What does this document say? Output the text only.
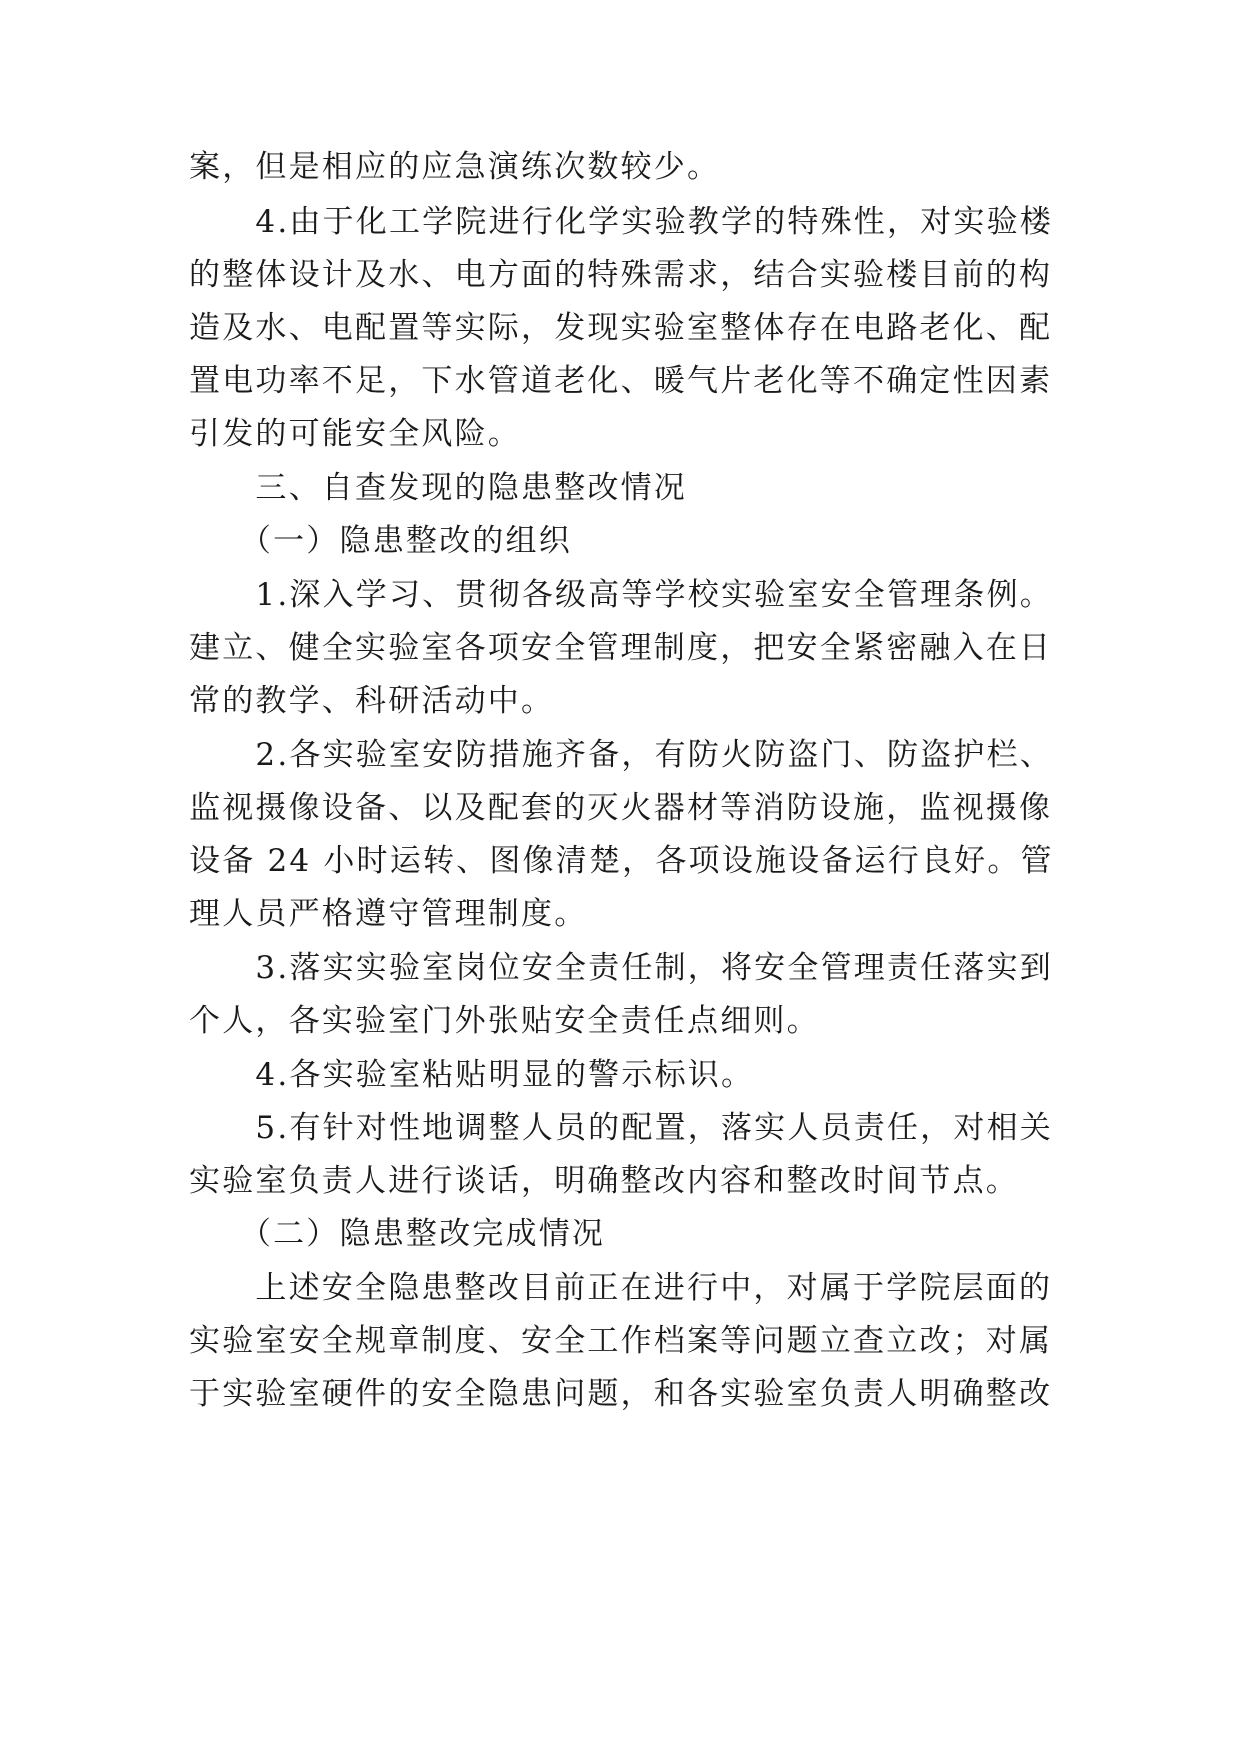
案，但是相应的应急演练次数较少。
　　4.由于化工学院进行化学实验教学的特殊性，对实验楼
的整体设计及水、电方面的特殊需求，结合实验楼目前的构
造及水、电配置等实际，发现实验室整体存在电路老化、配
置电功率不足，下水管道老化、暖气片老化等不确定性因素
引发的可能安全风险。
　　三、自查发现的隐患整改情况
　　（一）隐患整改的组织
　　1.深入学习、贯彻各级高等学校实验室安全管理条例。
建立、健全实验室各项安全管理制度，把安全紧密融入在日
常的教学、科研活动中。
　　2.各实验室安防措施齐备，有防火防盗门、防盗护栏、
监视摄像设备、以及配套的灭火器材等消防设施，监视摄像
设备 24 小时运转、图像清楚，各项设施设备运行良好。管
理人员严格遵守管理制度。
　　3.落实实验室岗位安全责任制，将安全管理责任落实到
个人，各实验室门外张贴安全责任点细则。
　　4.各实验室粘贴明显的警示标识。
　　5.有针对性地调整人员的配置，落实人员责任，对相关
实验室负责人进行谈话，明确整改内容和整改时间节点。
　　（二）隐患整改完成情况
　　上述安全隐患整改目前正在进行中，对属于学院层面的
实验室安全规章制度、安全工作档案等问题立查立改；对属
于实验室硬件的安全隐患问题，和各实验室负责人明确整改
